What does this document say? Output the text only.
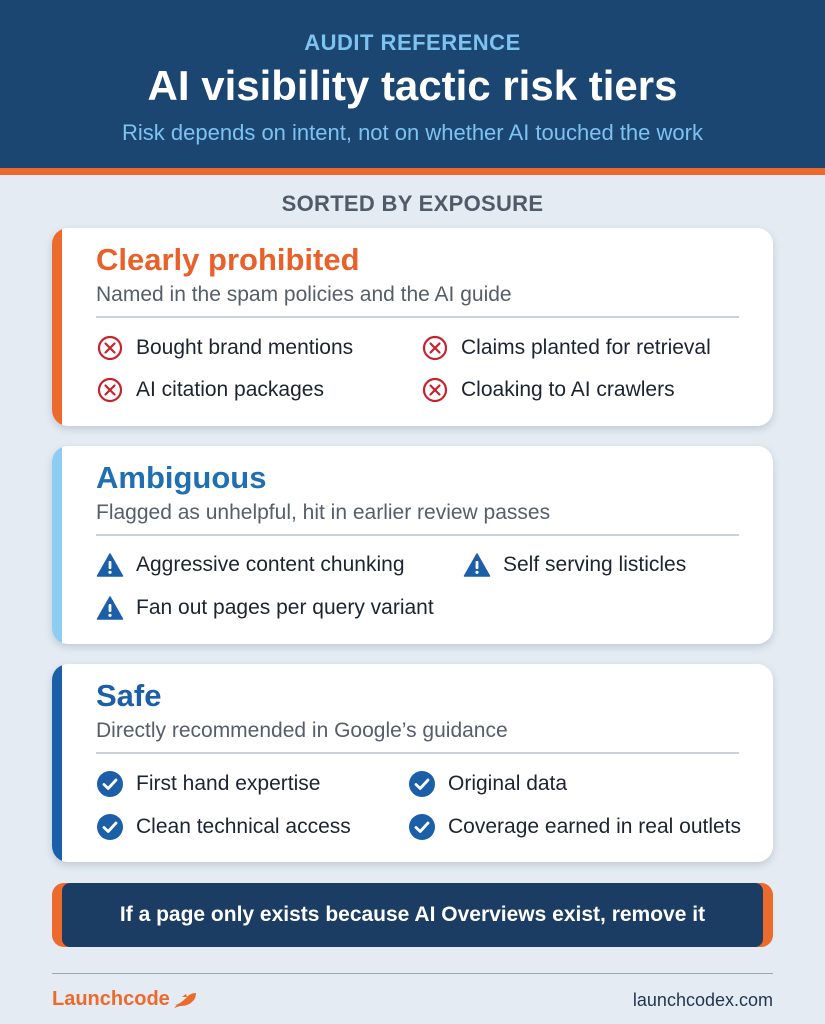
AUDIT REFERENCE
AI visibility tactic risk tiers
Risk depends on intent, not on whether AI touched the work
SORTED BY EXPOSURE
Clearly prohibited
Named in the spam policies and the AI guide
Bought brand mentions	Claims planted for retrieval
AI citation packages	Cloaking to AI crawlers
Ambiguous
Flagged as unhelpful, hit in earlier review passes
Aggressive content chunking	Self serving listicles
Fan out pages per query variant
Safe
Directly recommended in Google’s guidance
First hand expertise	Original data
Clean technical access	Coverage earned in real outlets
If a page only exists because AI Overviews exist, remove it
Launchcode	launchcodex.com
